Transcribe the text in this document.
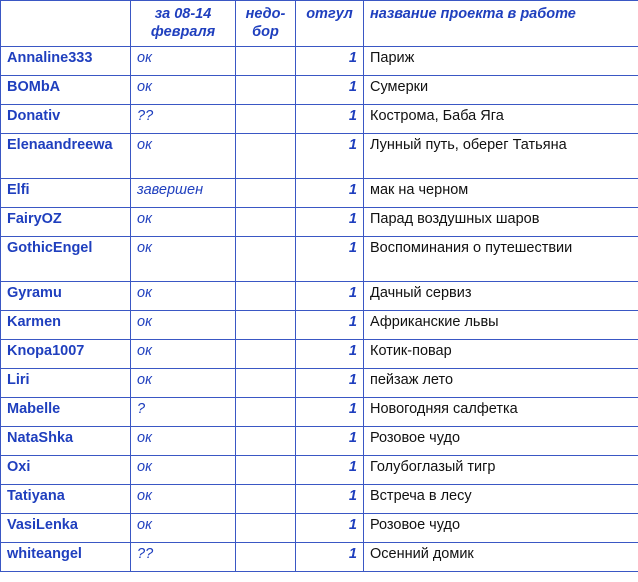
	за 08-14 февраля	недо-бор	отгул	название проекта в работе
Annaline333	ок		1	Париж
BOMbA	ок		1	Сумерки
Donativ	??		1	Кострома, Баба Яга
Elenaandreewa	ок		1	Лунный путь, оберег Татьяна
Elfi	завершен		1	мак на черном
FairyOZ	ок		1	Парад воздушных шаров
GothicEngel	ок		1	Воспоминания о путешествии
Gyramu	ок		1	Дачный сервиз
Karmen	ок		1	Африканские львы
Knopa1007	ок		1	Котик-повар
Liri	ок		1	пейзаж лето
Mabelle	?		1	Новогодняя салфетка
NataShka	ок		1	Розовое чудо
Oxi	ок		1	Голубоглазый тигр
Tatiyana	ок		1	Встреча в лесу
VasiLenka	ок		1	Розовое чудо
whiteangel	??		1	Осенний домик
